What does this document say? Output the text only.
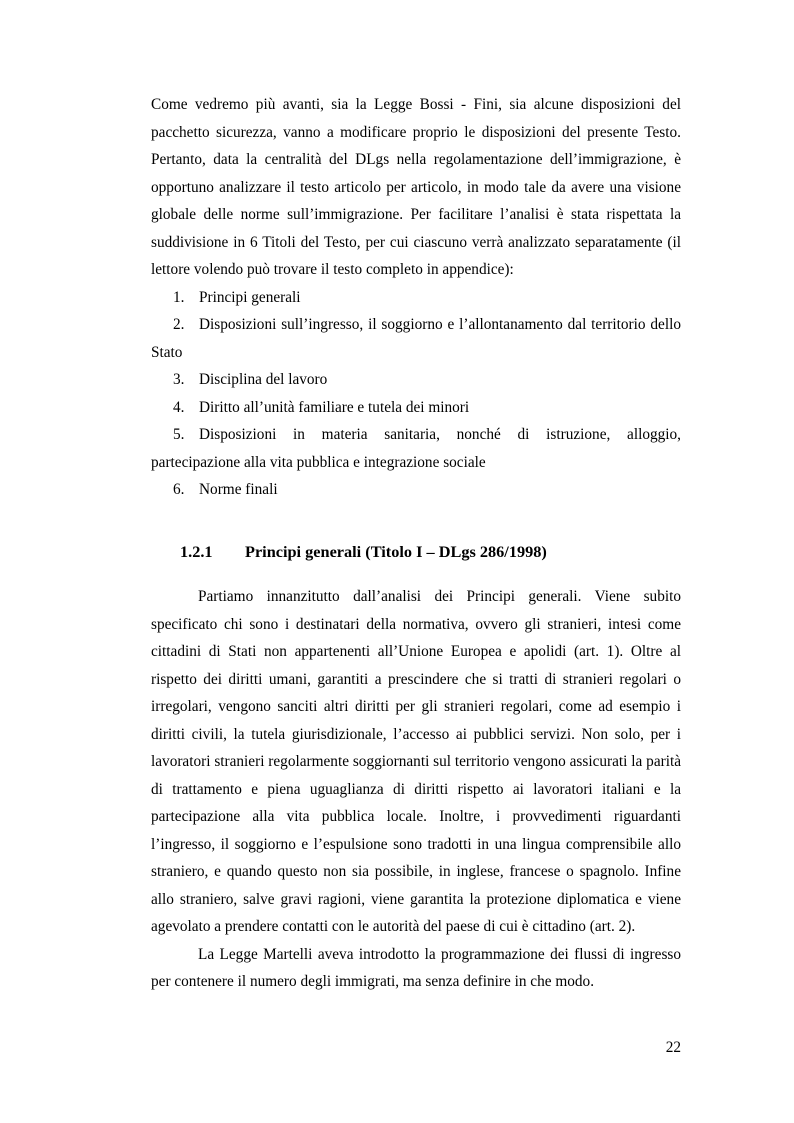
Come vedremo più avanti, sia la Legge Bossi - Fini, sia alcune disposizioni del pacchetto sicurezza, vanno a modificare proprio le disposizioni del presente Testo. Pertanto, data la centralità del DLgs nella regolamentazione dell’immigrazione, è opportuno analizzare il testo articolo per articolo, in modo tale da avere una visione globale delle norme sull’immigrazione. Per facilitare l’analisi è stata rispettata la suddivisione in 6 Titoli del Testo, per cui ciascuno verrà analizzato separatamente (il lettore volendo può trovare il testo completo in appendice):

1. Principi generali
2. Disposizioni sull’ingresso, il soggiorno e l’allontanamento dal territorio dello Stato
3. Disciplina del lavoro
4. Diritto all’unità familiare e tutela dei minori
5. Disposizioni in materia sanitaria, nonché di istruzione, alloggio, partecipazione alla vita pubblica e integrazione sociale
6. Norme finali
1.2.1 Principi generali (Titolo I – DLgs 286/1998)

Partiamo innanzitutto dall’analisi dei Principi generali. Viene subito specificato chi sono i destinatari della normativa, ovvero gli stranieri, intesi come cittadini di Stati non appartenenti all’Unione Europea e apolidi (art. 1). Oltre al rispetto dei diritti umani, garantiti a prescindere che si tratti di stranieri regolari o irregolari, vengono sanciti altri diritti per gli stranieri regolari, come ad esempio i diritti civili, la tutela giurisdizionale, l’accesso ai pubblici servizi. Non solo, per i lavoratori stranieri regolarmente soggiornanti sul territorio vengono assicurati la parità di trattamento e piena uguaglianza di diritti rispetto ai lavoratori italiani e la partecipazione alla vita pubblica locale. Inoltre, i provvedimenti riguardanti l’ingresso, il soggiorno e l’espulsione sono tradotti in una lingua comprensibile allo straniero, e quando questo non sia possibile, in inglese, francese o spagnolo. Infine allo straniero, salve gravi ragioni, viene garantita la protezione diplomatica e viene agevolato a prendere contatti con le autorità del paese di cui è cittadino (art. 2).

La Legge Martelli aveva introdotto la programmazione dei flussi di ingresso per contenere il numero degli immigrati, ma senza definire in che modo.

22
